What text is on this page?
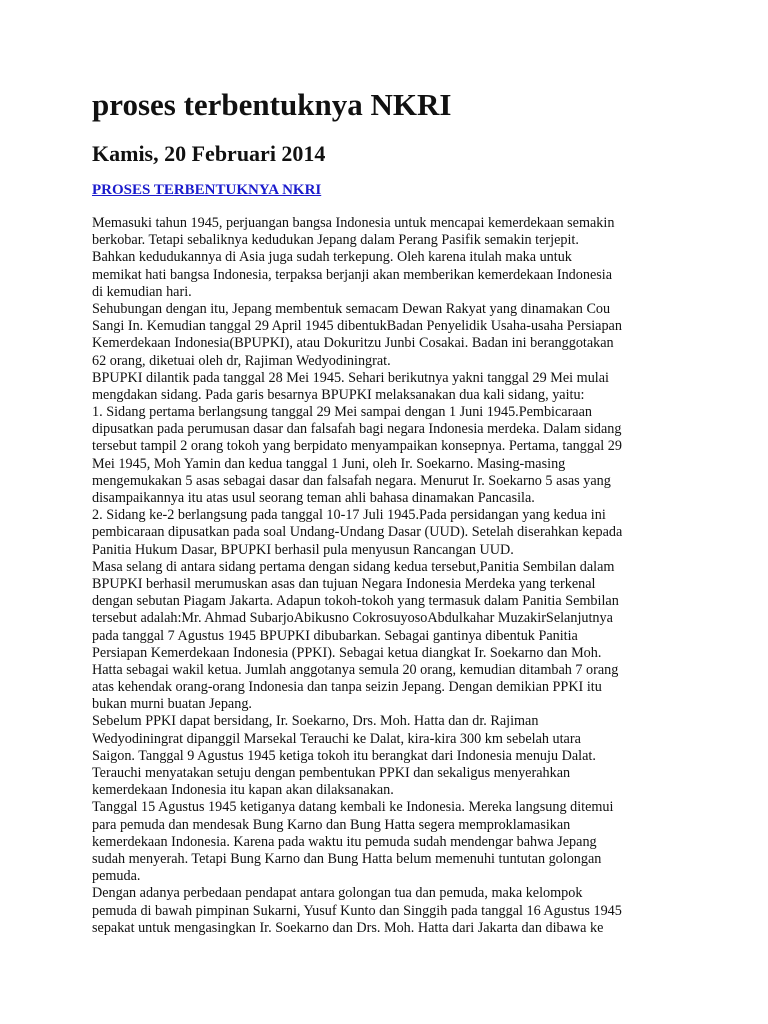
proses terbentuknya NKRI
Kamis, 20 Februari 2014
PROSES TERBENTUKNYA NKRI
Memasuki tahun 1945, perjuangan bangsa Indonesia untuk mencapai kemerdekaan semakin
berkobar. Tetapi sebaliknya kedudukan Jepang dalam Perang Pasifik semakin terjepit.
Bahkan kedudukannya di Asia juga sudah terkepung. Oleh karena itulah maka untuk
memikat hati bangsa Indonesia, terpaksa berjanji akan memberikan kemerdekaan Indonesia
di kemudian hari.
Sehubungan dengan itu, Jepang membentuk semacam Dewan Rakyat yang dinamakan Cou
Sangi In. Kemudian tanggal 29 April 1945 dibentukBadan Penyelidik Usaha-usaha Persiapan
Kemerdekaan Indonesia(BPUPKI), atau Dokuritzu Junbi Cosakai. Badan ini beranggotakan
62 orang, diketuai oleh dr, Rajiman Wedyodiningrat.
BPUPKI dilantik pada tanggal 28 Mei 1945. Sehari berikutnya yakni tanggal 29 Mei mulai
mengdakan sidang. Pada garis besarnya BPUPKI melaksanakan dua kali sidang, yaitu:
1. Sidang pertama berlangsung tanggal 29 Mei sampai dengan 1 Juni 1945.Pembicaraan
dipusatkan pada perumusan dasar dan falsafah bagi negara Indonesia merdeka. Dalam sidang
tersebut tampil 2 orang tokoh yang berpidato menyampaikan konsepnya. Pertama, tanggal 29
Mei 1945, Moh Yamin dan kedua tanggal 1 Juni, oleh Ir. Soekarno. Masing-masing
mengemukakan 5 asas sebagai dasar dan falsafah negara. Menurut Ir. Soekarno 5 asas yang
disampaikannya itu atas usul seorang teman ahli bahasa dinamakan Pancasila.
2. Sidang ke-2 berlangsung pada tanggal 10-17 Juli 1945.Pada persidangan yang kedua ini
pembicaraan dipusatkan pada soal Undang-Undang Dasar (UUD). Setelah diserahkan kepada
Panitia Hukum Dasar, BPUPKI berhasil pula menyusun Rancangan UUD.
Masa selang di antara sidang pertama dengan sidang kedua tersebut,Panitia Sembilan dalam
BPUPKI berhasil merumuskan asas dan tujuan Negara Indonesia Merdeka yang terkenal
dengan sebutan Piagam Jakarta. Adapun tokoh-tokoh yang termasuk dalam Panitia Sembilan
tersebut adalah:Mr. Ahmad SubarjoAbikusno CokrosuyosoAbdulkahar MuzakirSelanjutnya
pada tanggal 7 Agustus 1945 BPUPKI dibubarkan. Sebagai gantinya dibentuk Panitia
Persiapan Kemerdekaan Indonesia (PPKI). Sebagai ketua diangkat Ir. Soekarno dan Moh.
Hatta sebagai wakil ketua. Jumlah anggotanya semula 20 orang, kemudian ditambah 7 orang
atas kehendak orang-orang Indonesia dan tanpa seizin Jepang. Dengan demikian PPKI itu
bukan murni buatan Jepang.
Sebelum PPKI dapat bersidang, Ir. Soekarno, Drs. Moh. Hatta dan dr. Rajiman
Wedyodiningrat dipanggil Marsekal Terauchi ke Dalat, kira-kira 300 km sebelah utara
Saigon. Tanggal 9 Agustus 1945 ketiga tokoh itu berangkat dari Indonesia menuju Dalat.
Terauchi menyatakan setuju dengan pembentukan PPKI dan sekaligus menyerahkan
kemerdekaan Indonesia itu kapan akan dilaksanakan.
Tanggal 15 Agustus 1945 ketiganya datang kembali ke Indonesia. Mereka langsung ditemui
para pemuda dan mendesak Bung Karno dan Bung Hatta segera memproklamasikan
kemerdekaan Indonesia. Karena pada waktu itu pemuda sudah mendengar bahwa Jepang
sudah menyerah. Tetapi Bung Karno dan Bung Hatta belum memenuhi tuntutan golongan
pemuda.
Dengan adanya perbedaan pendapat antara golongan tua dan pemuda, maka kelompok
pemuda di bawah pimpinan Sukarni, Yusuf Kunto dan Singgih pada tanggal 16 Agustus 1945
sepakat untuk mengasingkan Ir. Soekarno dan Drs. Moh. Hatta dari Jakarta dan dibawa ke
